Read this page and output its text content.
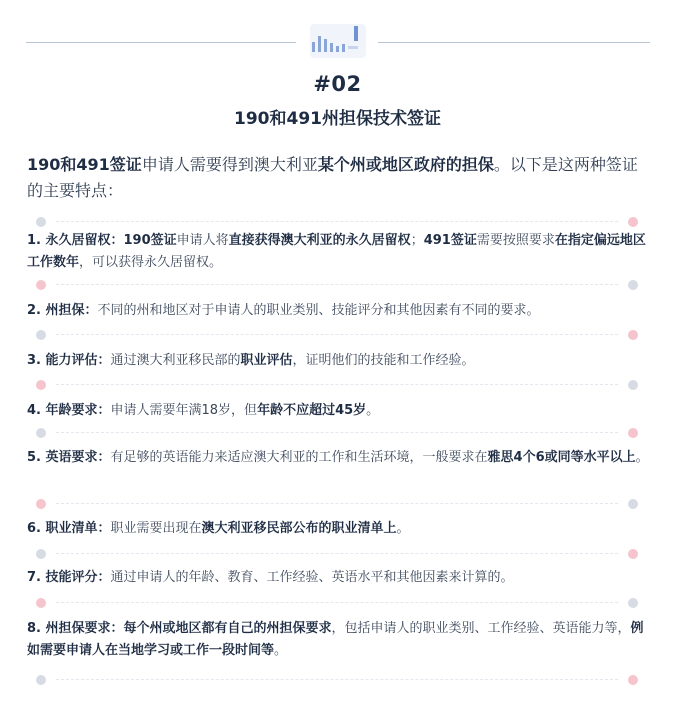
#02
190和491州担保技术签证
190和491签证申请人需要得到澳大利亚某个州或地区政府的担保。以下是这两种签证的主要特点：
1. 永久居留权：190签证申请人将直接获得澳大利亚的永久居留权；491签证需要按照要求在指定偏远地区工作数年，可以获得永久居留权。
2. 州担保：不同的州和地区对于申请人的职业类别、技能评分和其他因素有不同的要求。
3. 能力评估：通过澳大利亚移民部的职业评估，证明他们的技能和工作经验。
4. 年龄要求：申请人需要年满18岁，但年龄不应超过45岁。
5. 英语要求：有足够的英语能力来适应澳大利亚的工作和生活环境，一般要求在雅思4个6或同等水平以上。
6. 职业清单：职业需要出现在澳大利亚移民部公布的职业清单上。
7. 技能评分：通过申请人的年龄、教育、工作经验、英语水平和其他因素来计算的。
8. 州担保要求：每个州或地区都有自己的州担保要求，包括申请人的职业类别、工作经验、英语能力等，例如需要申请人在当地学习或工作一段时间等。
